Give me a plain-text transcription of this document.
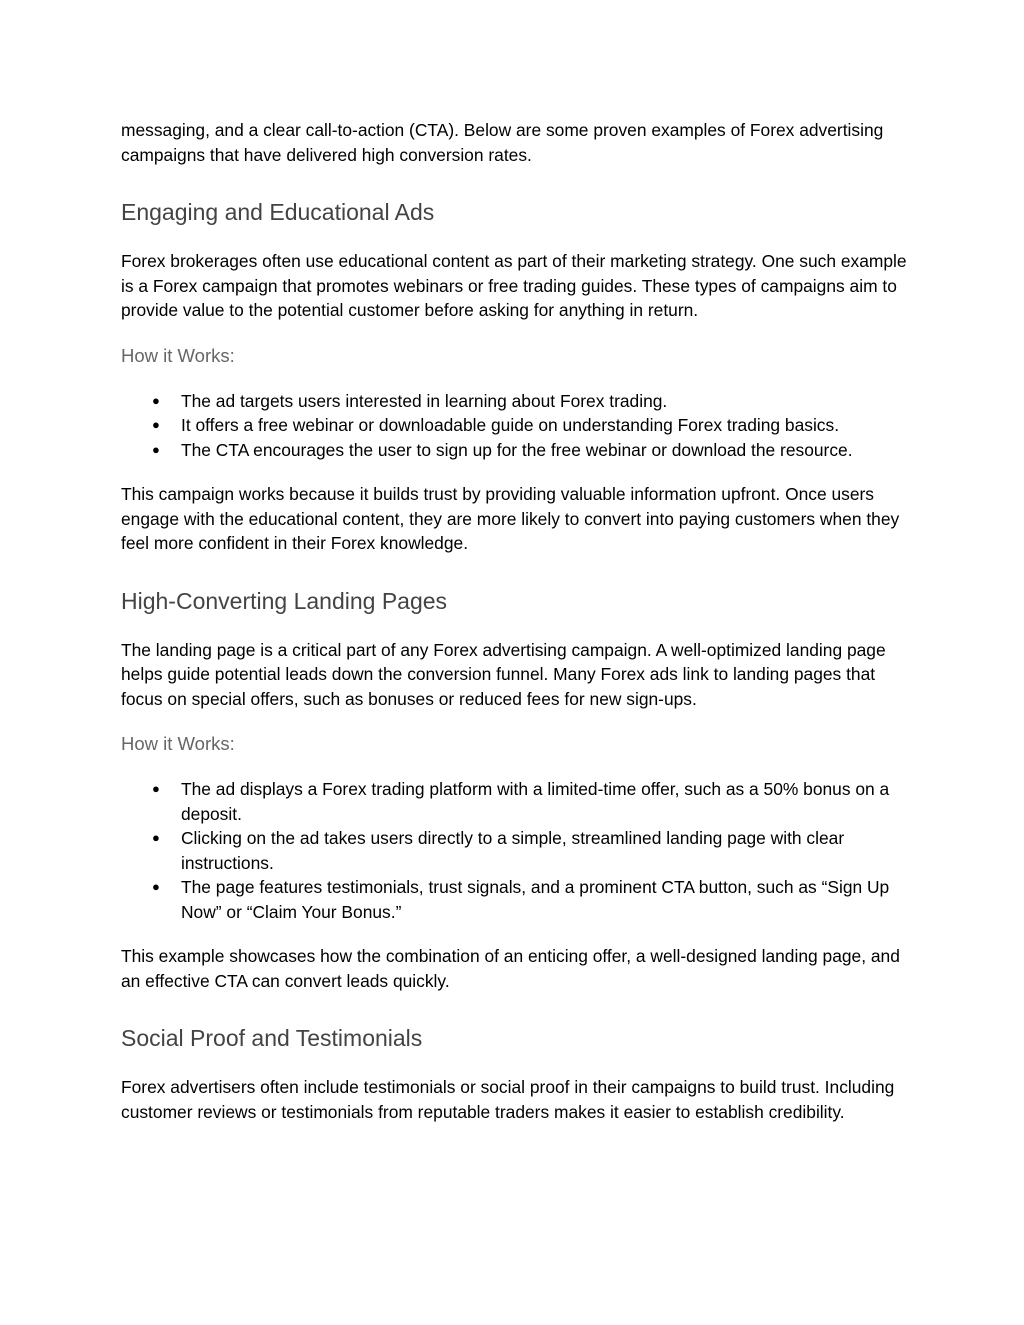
messaging, and a clear call-to-action (CTA). Below are some proven examples of Forex advertising campaigns that have delivered high conversion rates.

Engaging and Educational Ads

Forex brokerages often use educational content as part of their marketing strategy. One such example is a Forex campaign that promotes webinars or free trading guides. These types of campaigns aim to provide value to the potential customer before asking for anything in return.

How it Works:
● The ad targets users interested in learning about Forex trading.
● It offers a free webinar or downloadable guide on understanding Forex trading basics.
● The CTA encourages the user to sign up for the free webinar or download the resource.

This campaign works because it builds trust by providing valuable information upfront. Once users engage with the educational content, they are more likely to convert into paying customers when they feel more confident in their Forex knowledge.

High-Converting Landing Pages

The landing page is a critical part of any Forex advertising campaign. A well-optimized landing page helps guide potential leads down the conversion funnel. Many Forex ads link to landing pages that focus on special offers, such as bonuses or reduced fees for new sign-ups.

How it Works:
● The ad displays a Forex trading platform with a limited-time offer, such as a 50% bonus on a deposit.
● Clicking on the ad takes users directly to a simple, streamlined landing page with clear instructions.
● The page features testimonials, trust signals, and a prominent CTA button, such as “Sign Up Now” or “Claim Your Bonus.”

This example showcases how the combination of an enticing offer, a well-designed landing page, and an effective CTA can convert leads quickly.

Social Proof and Testimonials

Forex advertisers often include testimonials or social proof in their campaigns to build trust. Including customer reviews or testimonials from reputable traders makes it easier to establish credibility.
